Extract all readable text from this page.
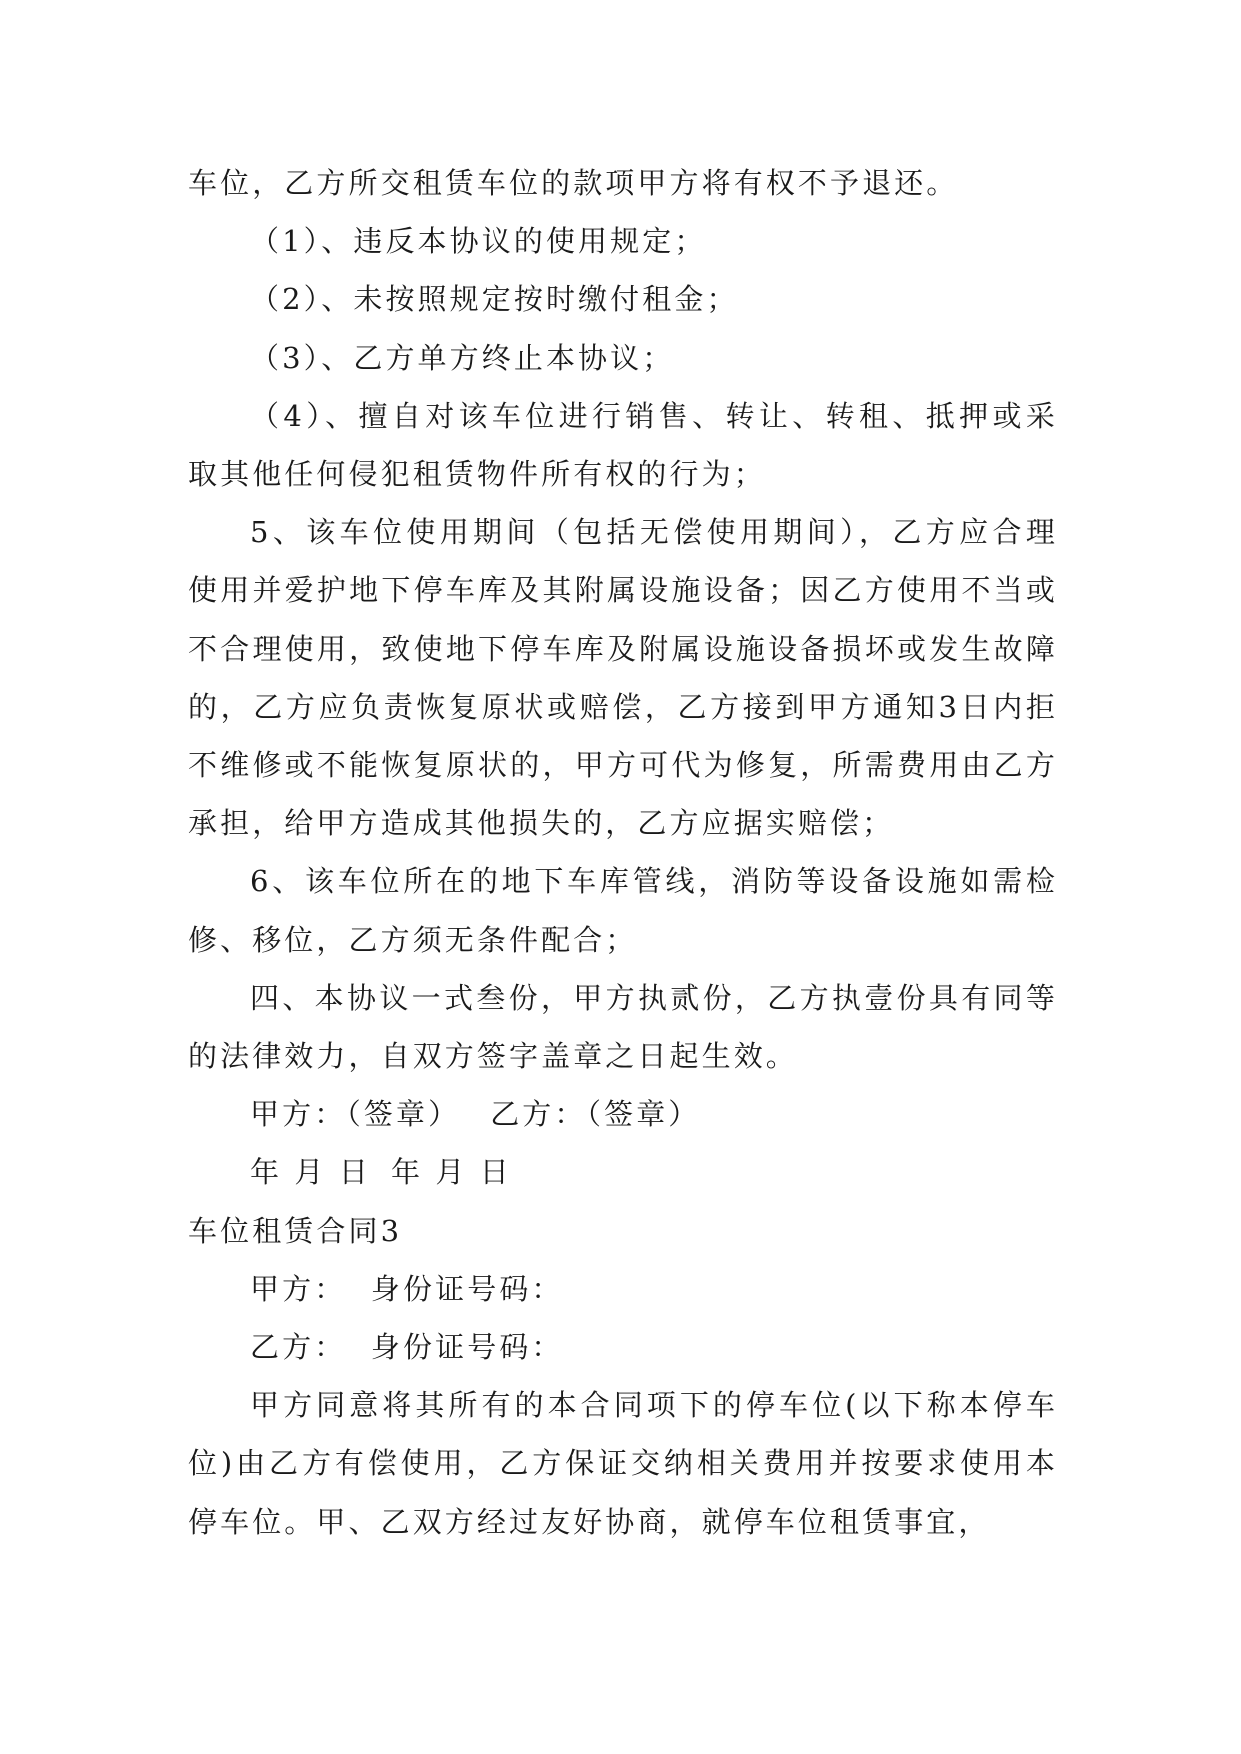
车位，乙方所交租赁车位的款项甲方将有权不予退还。

（1）、违反本协议的使用规定；

（2）、未按照规定按时缴付租金；

（3）、乙方单方终止本协议；

（4）、擅自对该车位进行销售、转让、转租、抵押或采取其他任何侵犯租赁物件所有权的行为；

5、该车位使用期间（包括无偿使用期间），乙方应合理使用并爱护地下停车库及其附属设施设备；因乙方使用不当或不合理使用，致使地下停车库及附属设施设备损坏或发生故障的，乙方应负责恢复原状或赔偿，乙方接到甲方通知3日内拒不维修或不能恢复原状的，甲方可代为修复，所需费用由乙方承担，给甲方造成其他损失的，乙方应据实赔偿；

6、该车位所在的地下车库管线，消防等设备设施如需检修、移位，乙方须无条件配合；

四、本协议一式叁份，甲方执贰份，乙方执壹份具有同等的法律效力，自双方签字盖章之日起生效。

甲方：（签章） 乙方：（签章）

年 月 日 年 月 日

车位租赁合同3

甲方：  身份证号码：

乙方：  身份证号码：

甲方同意将其所有的本合同项下的停车位(以下称本停车位)由乙方有偿使用，乙方保证交纳相关费用并按要求使用本停车位。甲、乙双方经过友好协商，就停车位租赁事宜，
